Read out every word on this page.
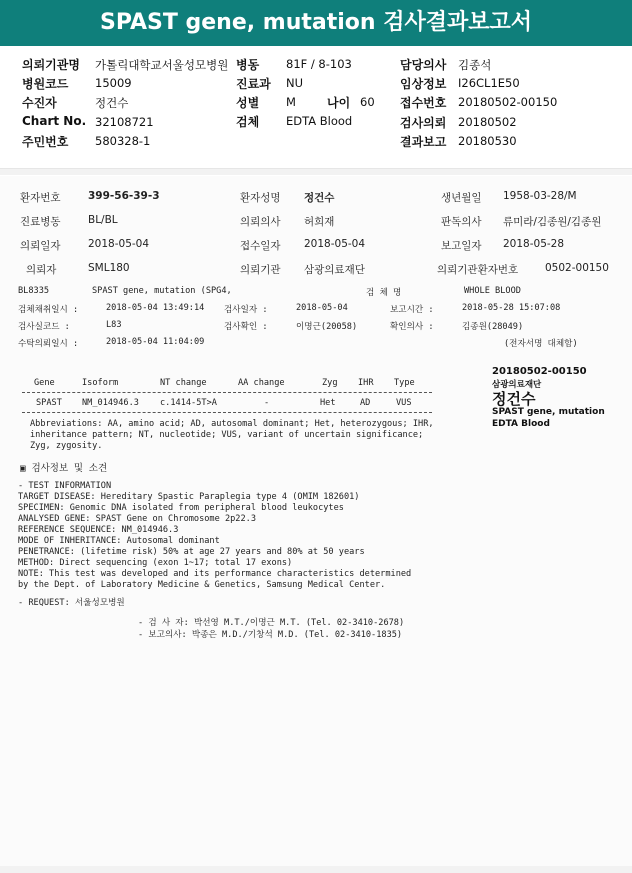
SPAST gene, mutation 검사결과보고서
의뢰기관명 가톨릭대학교서울성모병원 병동 81F / 8-103	담당의사 김종석
병원코드 15009	진료과 NU	임상정보 I26CL1E50
수진자	정건수	성별 M	나이 60 접수번호 20180502-00150
Chart No. 32108721	검체 EDTA Blood	검사의뢰 20180502
주민번호 580328-1	결과보고 20180530
환자번호	399-56-39-3	환자성명 정건수	생년월일 1958-03-28/M
진료병동	BL/BL	의뢰의사 허희재	판독의사 류미라/김종원/김종원
의뢰일자	2018-05-04	접수일자 2018-05-04	보고일자 2018-05-28
의뢰자	SML180	의뢰기관 삼광의료재단	의뢰기관환자번호	0502-00150
BL8335	SPAST gene, mutation (SPG4,	검 체 명	WHOLE BLOOD
검체채취일시 :	2018-05-04 13:49:14 검사일자 :	2018-05-04	보고시간 :	2018-05-28 15:07:08
검사실코드 :	L83	검사확인 :	이명근(20058)	확인의사 :	김종원(28049)
수탁의뢰일시 :	2018-05-04 11:04:09	(전자서명 대체함)
20180502-00150
삼광의료재단
정건수
SPAST gene, mutation
EDTA Blood
Gene	Isoform	NT change	AA change	Zyg IHR Type
SPAST NM_014946.3 c.1414-5T>A	-	Het	AD	VUS
Abbreviations: AA, amino acid; AD, autosomal dominant; Het, heterozygous; IHR,
inheritance pattern; NT, nucleotide; VUS, variant of uncertain significance;
Zyg, zygosity.
▣ 검사정보 및 소견
- TEST INFORMATION
TARGET DISEASE: Hereditary Spastic Paraplegia type 4 (OMIM 182601)
SPECIMEN: Genomic DNA isolated from peripheral blood leukocytes
ANALYSED GENE: SPAST Gene on Chromosome 2p22.3
REFERENCE SEQUENCE: NM_014946.3
MODE OF INHERITANCE: Autosomal dominant
PENETRANCE: (lifetime risk) 50% at age 27 years and 80% at 50 years
METHOD: Direct sequencing (exon 1~17; total 17 exons)
NOTE: This test was developed and its performance characteristics determined
by the Dept. of Laboratory Medicine & Genetics, Samsung Medical Center.
- REQUEST: 서울성모병원
- 검 사 자: 박선영 M.T./이명근 M.T. (Tel. 02-3410-2678)
- 보고의사: 박종은 M.D./기창석 M.D. (Tel. 02-3410-1835)
